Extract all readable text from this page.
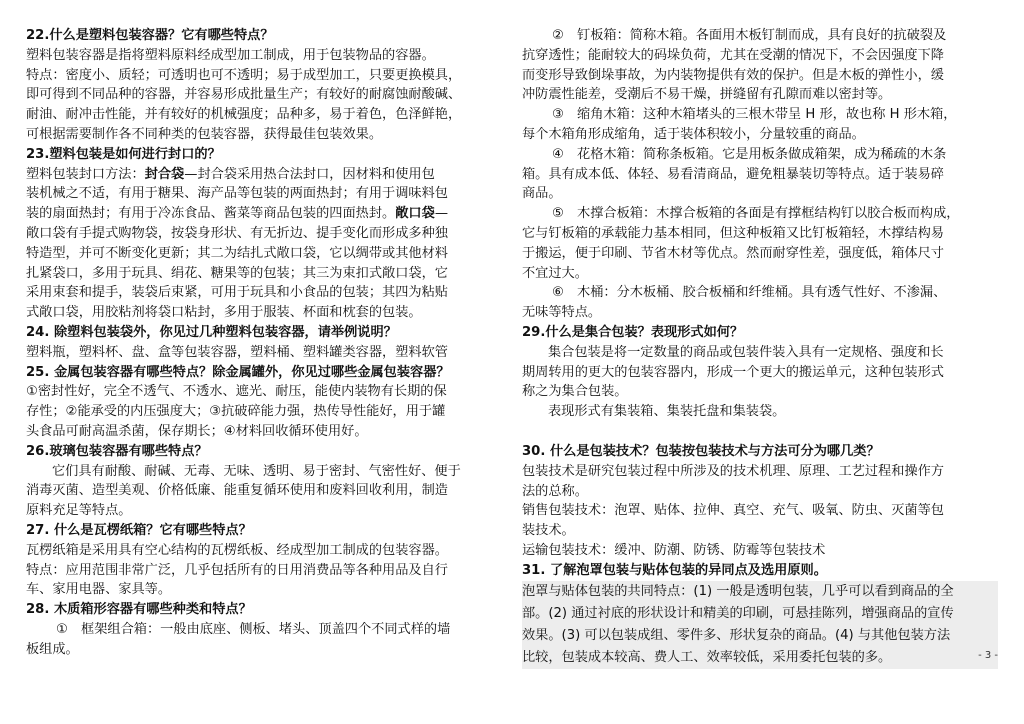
22.什么是塑料包装容器？它有哪些特点？
塑料包装容器是指将塑料原料经成型加工制成，用于包装物品的容器。
特点：密度小、质轻；可透明也可不透明；易于成型加工，只要更换模具，
即可得到不同品种的容器，并容易形成批量生产；有较好的耐腐蚀耐酸碱、
耐油、耐冲击性能，并有较好的机械强度；品种多，易于着色，色泽鲜艳，
可根据需要制作各不同种类的包装容器，获得最佳包装效果。
23.塑料包装是如何进行封口的？
塑料包装封口方法：封合袋—封合袋采用热合法封口，因材料和使用包
装机械之不适，有用于糖果、海产品等包装的两面热封；有用于调味料包
装的扇面热封；有用于冷冻食品、酱菜等商品包装的四面热封。敞口袋—
敞口袋有手提式购物袋，按袋身形状、有无折边、提手变化而形成多种独
特造型，并可不断变化更新；其二为结扎式敞口袋，它以绸带或其他材料
扎紧袋口，多用于玩具、绢花、糖果等的包装；其三为束扣式敞口袋，它
采用束套和提手，装袋后束紧，可用于玩具和小食品的包装；其四为粘贴
式敞口袋，用胶粘剂将袋口粘封，多用于服装、杯面和枕套的包装。
24. 除塑料包装袋外，你见过几种塑料包装容器，请举例说明？
塑料瓶，塑料杯、盘、盒等包装容器，塑料桶、塑料罐类容器，塑料软管
25. 金属包装容器有哪些特点？除金属罐外，你见过哪些金属包装容器？
①密封性好，完全不透气、不透水、遮光、耐压，能使内装物有长期的保
存性；②能承受的内压强度大；③抗破碎能力强，热传导性能好，用于罐
头食品可耐高温杀菌，保存期长；④材料回收循环使用好。
26.玻璃包装容器有哪些特点？
它们具有耐酸、耐碱、无毒、无味、透明、易于密封、气密性好、便于
消毒灭菌、造型美观、价格低廉、能重复循环使用和废料回收利用，制造
原料充足等特点。
27. 什么是瓦楞纸箱？它有哪些特点？
瓦楞纸箱是采用具有空心结构的瓦楞纸板、经成型加工制成的包装容器。
特点：应用范围非常广泛，几乎包括所有的日用消费品等各种用品及自行
车、家用电器、家具等。
28. 木质箱形容器有哪些种类和特点？
①　框架组合箱：一般由底座、侧板、堵头、顶盖四个不同式样的墙
板组成。
②　钉板箱：简称木箱。各面用木板钉制而成，具有良好的抗破裂及
抗穿透性；能耐较大的码垛负荷，尤其在受潮的情况下，不会因强度下降
而变形导致倒垛事故，为内装物提供有效的保护。但是木板的弹性小，缓
冲防震性能差，受潮后不易干燥，拼缝留有孔隙而难以密封等。
③　缩角木箱：这种木箱堵头的三根木带呈 H 形，故也称 H 形木箱，
每个木箱角形成缩角，适于装体积较小，分量较重的商品。
④　花格木箱：简称条板箱。它是用板条做成箱架，成为稀疏的木条
箱。具有成本低、体轻、易看清商品，避免粗暴装切等特点。适于装易碎
商品。
⑤　木撑合板箱：木撑合板箱的各面是有撑框结构钉以胶合板而构成，
它与钉板箱的承载能力基本相同，但这种板箱又比钉板箱轻，木撑结构易
于搬运，便于印刷、节省木材等优点。然而耐穿性差，强度低，箱体尺寸
不宜过大。
⑥　木桶：分木板桶、胶合板桶和纤维桶。具有透气性好、不渗漏、
无味等特点。
29.什么是集合包装？表现形式如何？
集合包装是将一定数量的商品或包装件装入具有一定规格、强度和长
期周转用的更大的包装容器内，形成一个更大的搬运单元，这种包装形式
称之为集合包装。
表现形式有集装箱、集装托盘和集装袋。
30. 什么是包装技术？包装按包装技术与方法可分为哪几类？
包装技术是研究包装过程中所涉及的技术机理、原理、工艺过程和操作方
法的总称。
销售包装技术：泡罩、贴体、拉伸、真空、充气、吸氧、防虫、灭菌等包
装技术。
运输包装技术：缓冲、防潮、防锈、防霉等包装技术
31. 了解泡罩包装与贴体包装的异同点及选用原则。
泡罩与贴体包装的共同特点：(1) 一般是透明包装，几乎可以看到商品的全
部。(2) 通过衬底的形状设计和精美的印刷，可悬挂陈列，增强商品的宣传
效果。(3) 可以包装成组、零件多、形状复杂的商品。(4) 与其他包装方法
比较，包装成本较高、费人工、效率较低，采用委托包装的多。	- 3 -
